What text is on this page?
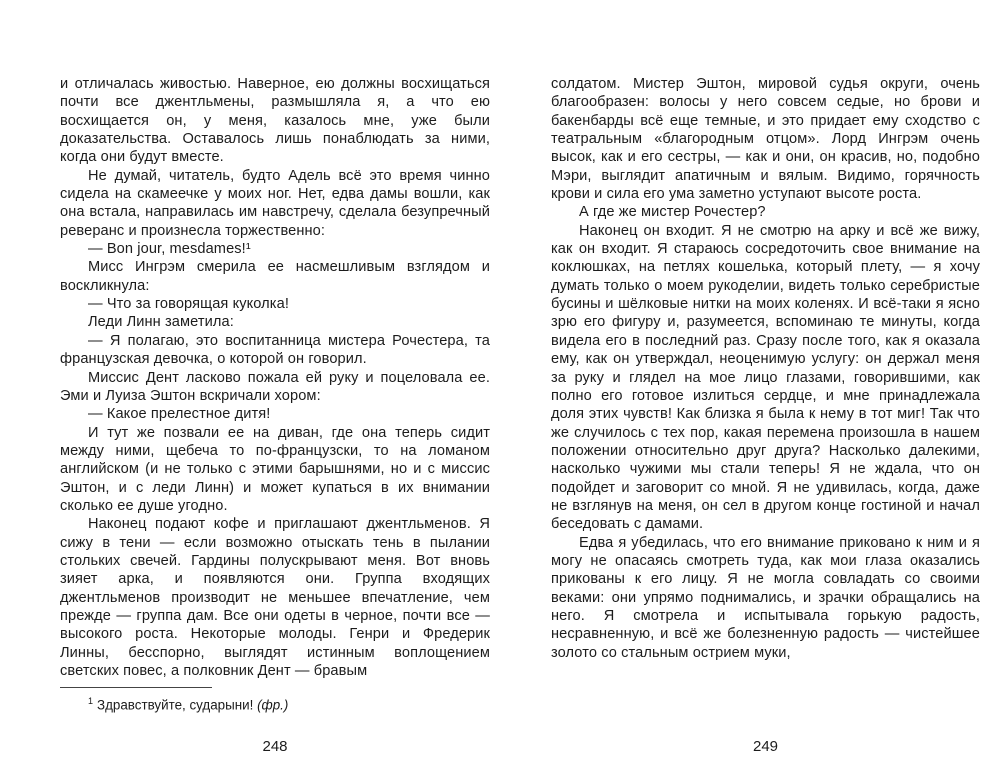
и отличалась живостью. Наверное, ею должны восхищаться почти все джентльмены, размышляла я, а что ею восхищается он, у меня, казалось мне, уже были доказательства. Оставалось лишь понаблюдать за ними, когда они будут вместе.

Не думай, читатель, будто Адель всё это время чинно сидела на скамеечке у моих ног. Нет, едва дамы вошли, как она встала, направилась им навстречу, сделала безупречный реверанс и произнесла торжественно:

— Bon jour, mesdames!¹

Мисс Ингрэм смерила ее насмешливым взглядом и воскликнула:

— Что за говорящая куколка!

Леди Линн заметила:

— Я полагаю, это воспитанница мистера Рочестера, та французская девочка, о которой он говорил.

Миссис Дент ласково пожала ей руку и поцеловала ее. Эми и Луиза Эштон вскричали хором:

— Какое прелестное дитя!

И тут же позвали ее на диван, где она теперь сидит между ними, щебеча то по-французски, то на ломаном английском (и не только с этими барышнями, но и с миссис Эштон, и с леди Линн) и может купаться в их внимании сколько ее душе угодно.

Наконец подают кофе и приглашают джентльменов. Я сижу в тени — если возможно отыскать тень в пылании стольких свечей. Гардины полускрывают меня. Вот вновь зияет арка, и появляются они. Группа входящих джентльменов производит не меньшее впечатление, чем прежде — группа дам. Все они одеты в черное, почти все — высокого роста. Некоторые молоды. Генри и Фредерик Линны, бесспорно, выглядят истинным воплощением светских повес, а полковник Дент — бравым

$^1$ Здравствуйте, сударыни! (фр.)

248

солдатом. Мистер Эштон, мировой судья округи, очень благообразен: волосы у него совсем седые, но брови и бакенбарды всё еще темные, и это придает ему сходство с театральным «благородным отцом». Лорд Ингрэм очень высок, как и его сестры, — как и они, он красив, но, подобно Мэри, выглядит апатичным и вялым. Видимо, горячность крови и сила его ума заметно уступают высоте роста.

А где же мистер Рочестер?

Наконец он входит. Я не смотрю на арку и всё же вижу, как он входит. Я стараюсь сосредоточить свое внимание на коклюшках, на петлях кошелька, который плету, — я хочу думать только о моем рукоделии, видеть только серебристые бусины и шёлковые нитки на моих коленях. И всё-таки я ясно зрю его фигуру и, разумеется, вспоминаю те минуты, когда видела его в последний раз. Сразу после того, как я оказала ему, как он утверждал, неоценимую услугу: он держал меня за руку и глядел на мое лицо глазами, говорившими, как полно его готовое излиться сердце, и мне принадлежала доля этих чувств! Как близка я была к нему в тот миг! Так что же случилось с тех пор, какая перемена произошла в нашем положении относительно друг друга? Насколько далекими, насколько чужими мы стали теперь! Я не ждала, что он подойдет и заговорит со мной. Я не удивилась, когда, даже не взглянув на меня, он сел в другом конце гостиной и начал беседовать с дамами.

Едва я убедилась, что его внимание приковано к ним и я могу не опасаясь смотреть туда, как мои глаза оказались прикованы к его лицу. Я не могла совладать со своими веками: они упрямо поднимались, и зрачки обращались на него. Я смотрела и испытывала горькую радость, несравненную, и всё же болезненную радость — чистейшее золото со стальным острием муки,

249
